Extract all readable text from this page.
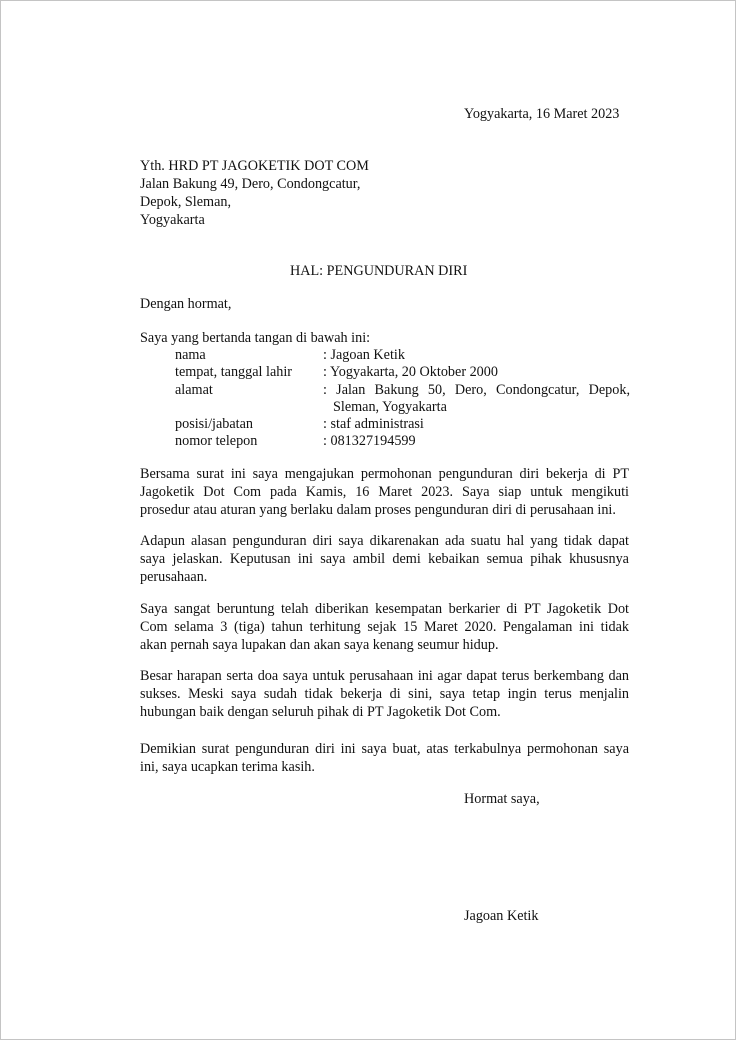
Yogyakarta, 16 Maret 2023
Yth. HRD PT JAGOKETIK DOT COM
Jalan Bakung 49, Dero, Condongcatur,
Depok, Sleman,
Yogyakarta
HAL: PENGUNDURAN DIRI
Dengan hormat,
Saya yang bertanda tangan di bawah ini:
nama	: Jagoan Ketik
tempat, tanggal lahir : Yogyakarta, 20 Oktober 2000
alamat	: Jalan Bakung 50, Dero, Condongcatur, Depok,
Sleman, Yogyakarta
posisi/jabatan	: staf administrasi
nomor telepon	: 081327194599
Bersama surat ini saya mengajukan permohonan pengunduran diri bekerja di PT
Jagoketik Dot Com pada Kamis, 16 Maret 2023. Saya siap untuk mengikuti
prosedur atau aturan yang berlaku dalam proses pengunduran diri di perusahaan ini.
Adapun alasan pengunduran diri saya dikarenakan ada suatu hal yang tidak dapat
saya jelaskan. Keputusan ini saya ambil demi kebaikan semua pihak khususnya
perusahaan.
Saya sangat beruntung telah diberikan kesempatan berkarier di PT Jagoketik Dot
Com selama 3 (tiga) tahun terhitung sejak 15 Maret 2020. Pengalaman ini tidak
akan pernah saya lupakan dan akan saya kenang seumur hidup.
Besar harapan serta doa saya untuk perusahaan ini agar dapat terus berkembang dan
sukses. Meski saya sudah tidak bekerja di sini, saya tetap ingin terus menjalin
hubungan baik dengan seluruh pihak di PT Jagoketik Dot Com.
Demikian surat pengunduran diri ini saya buat, atas terkabulnya permohonan saya
ini, saya ucapkan terima kasih.
Hormat saya,
Jagoan Ketik
